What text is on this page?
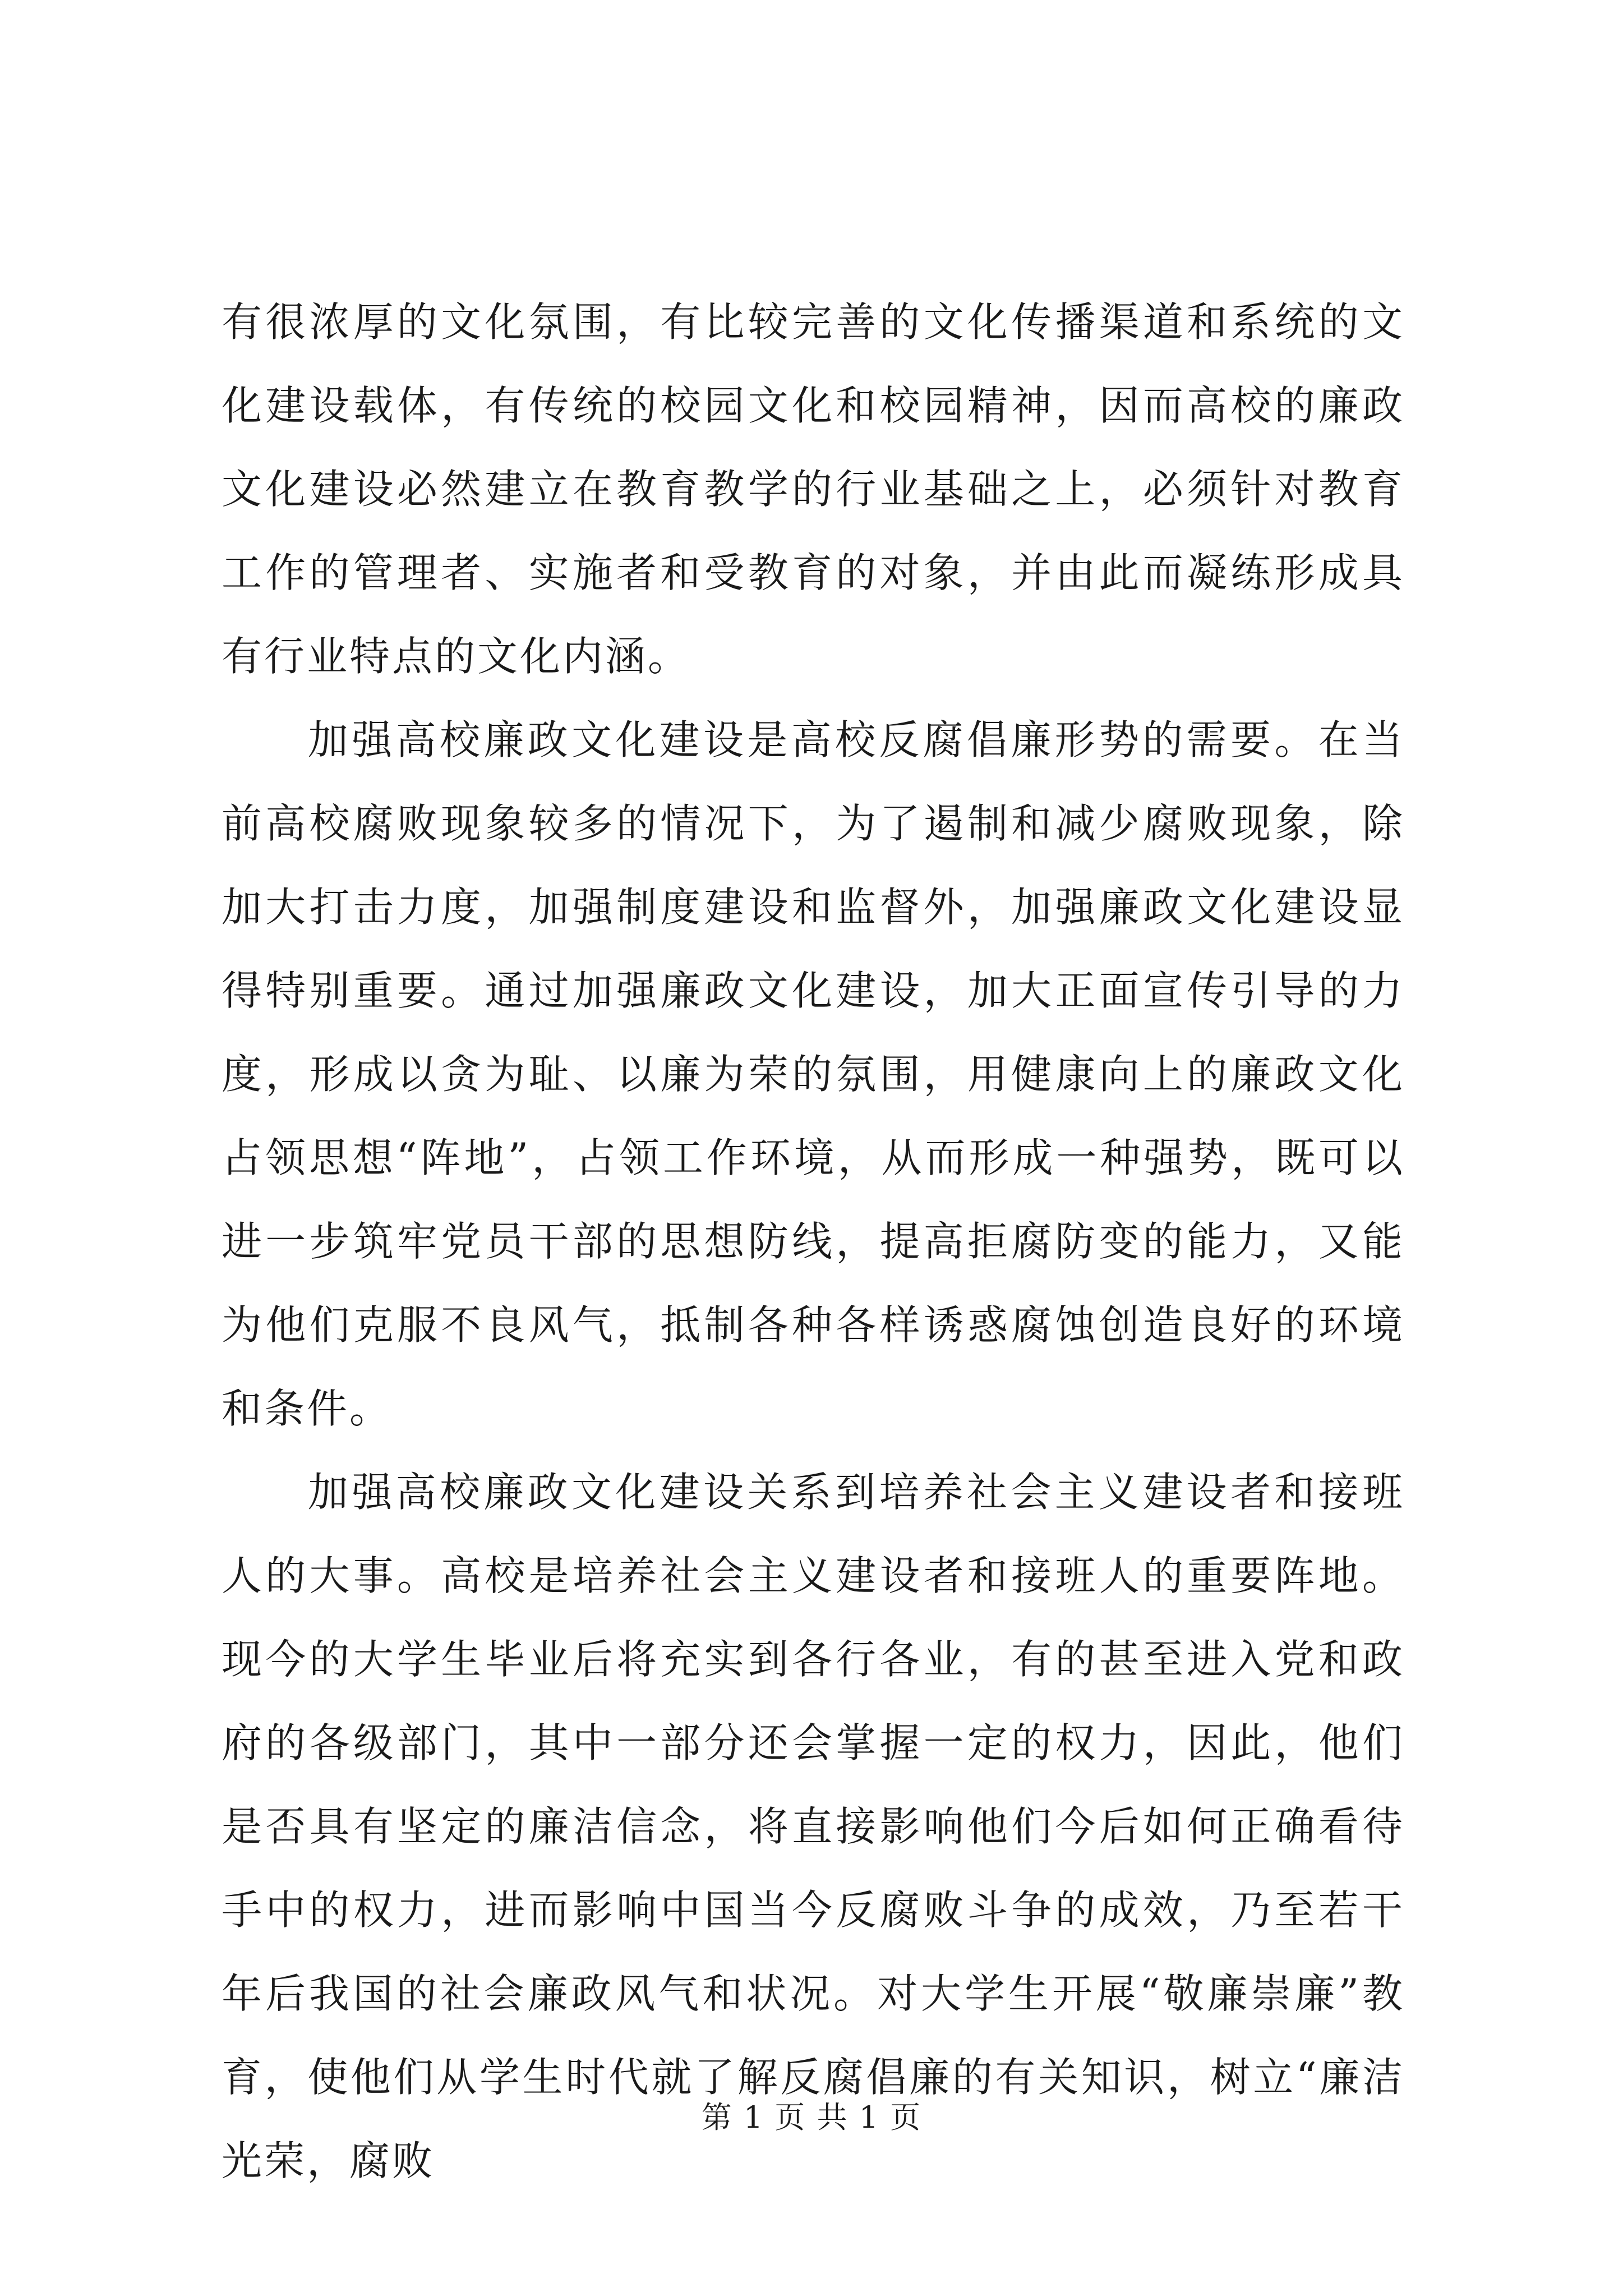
有很浓厚的文化氛围，有比较完善的文化传播渠道和系统的文化建设载体，有传统的校园文化和校园精神，因而高校的廉政文化建设必然建立在教育教学的行业基础之上，必须针对教育工作的管理者、实施者和受教育的对象，并由此而凝练形成具有行业特点的文化内涵。

加强高校廉政文化建设是高校反腐倡廉形势的需要。在当前高校腐败现象较多的情况下，为了遏制和减少腐败现象，除加大打击力度，加强制度建设和监督外，加强廉政文化建设显得特别重要。通过加强廉政文化建设，加大正面宣传引导的力度，形成以贪为耻、以廉为荣的氛围，用健康向上的廉政文化占领思想“阵地”，占领工作环境，从而形成一种强势，既可以进一步筑牢党员干部的思想防线，提高拒腐防变的能力，又能为他们克服不良风气，抵制各种各样诱惑腐蚀创造良好的环境和条件。

加强高校廉政文化建设关系到培养社会主义建设者和接班人的大事。高校是培养社会主义建设者和接班人的重要阵地。现今的大学生毕业后将充实到各行各业，有的甚至进入党和政府的各级部门，其中一部分还会掌握一定的权力，因此，他们是否具有坚定的廉洁信念，将直接影响他们今后如何正确看待手中的权力，进而影响中国当今反腐败斗争的成效，乃至若干年后我国的社会廉政风气和状况。对大学生开展“敬廉崇廉”教育，使他们从学生时代就了解反腐倡廉的有关知识，树立“廉洁光荣，腐败

第 1 页 共 1 页
